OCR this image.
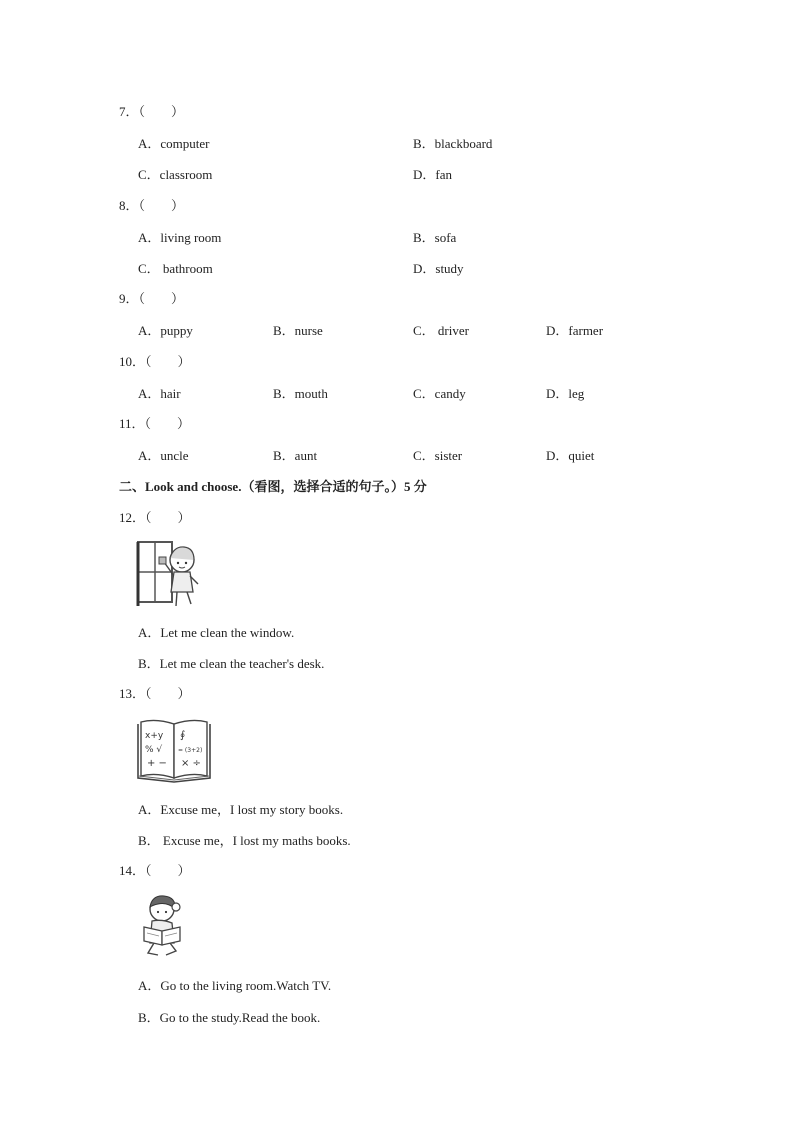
7．（　　）
A．computer	B．blackboard
C．classroom	D．fan
8．（　　）
A．living room	B．sofa
C． bathroom	D．study
9．（　　）
A．puppy	B．nurse	C． driver	D．farmer
10．（　　）
A．hair	B．mouth	C．candy	D．leg
11．（　　）
A．uncle	B．aunt	C．sister	D．quiet
二、Look and choose.（看图，选择合适的句子。）5 分
12．（　　）
A．Let me clean the window.
B．Let me clean the teacher's desk.
13．（　　）
x+y
% √
+ −
∮
= (3+2)
× ÷
A．Excuse me，I lost my story books.
B． Excuse me，I lost my maths books.
14．（　　）
A．Go to the living room.Watch TV.
B．Go to the study.Read the book.
